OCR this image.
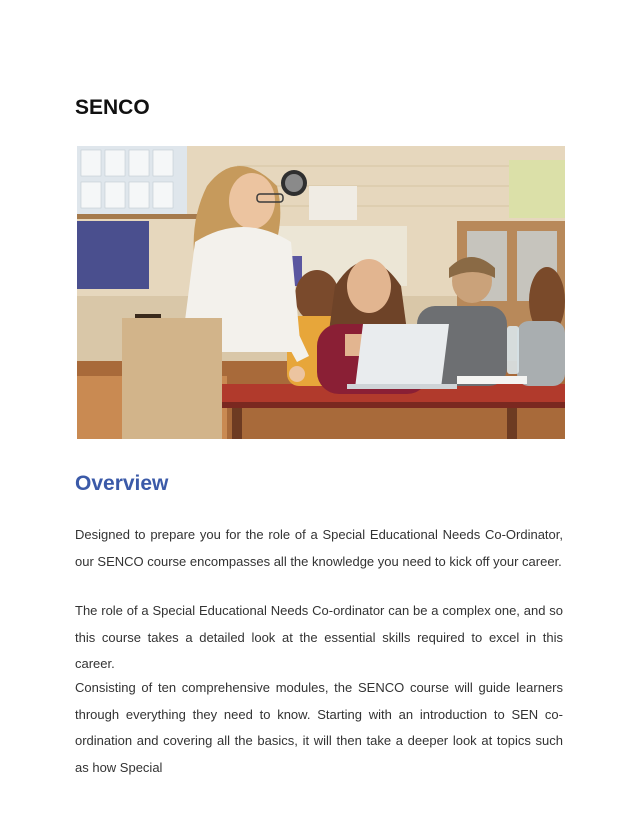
SENCO
Overview

Designed to prepare you for the role of a Special Educational Needs Co-Ordinator, our SENCO course encompasses all the knowledge you need to kick off your career.

The role of a Special Educational Needs Co-ordinator can be a complex one, and so this course takes a detailed look at the essential skills required to excel in this career.

Consisting of ten comprehensive modules, the SENCO course will guide learners through everything they need to know. Starting with an introduction to SEN co-ordination and covering all the basics, it will then take a deeper look at topics such as how Special
